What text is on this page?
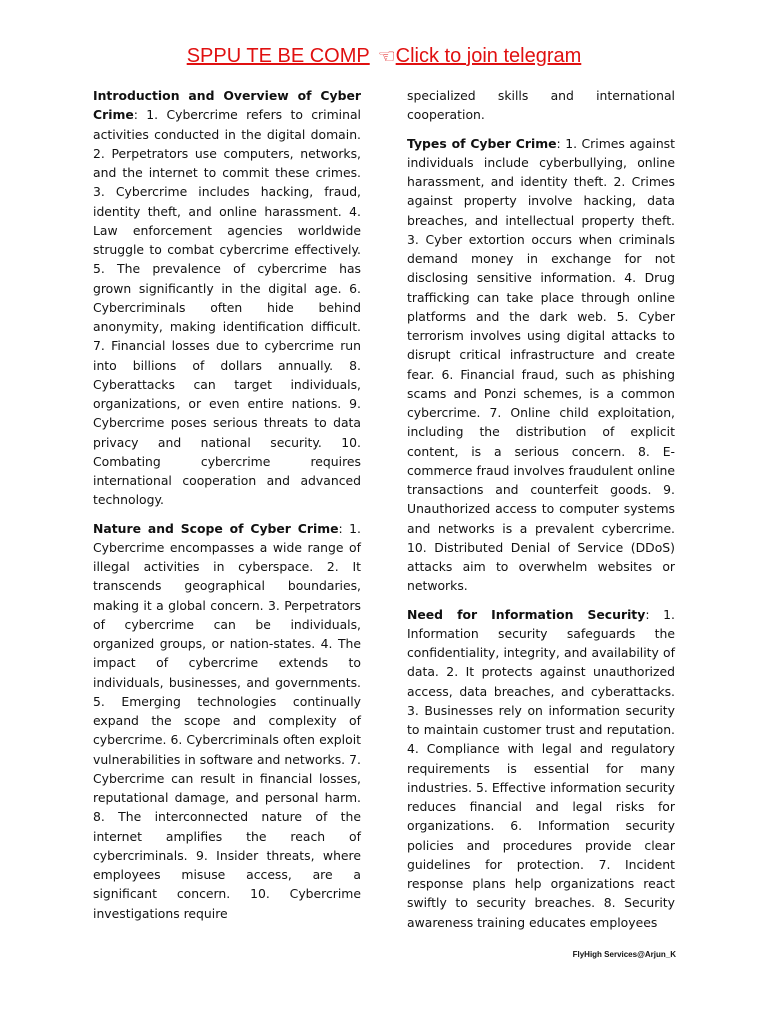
SPPU TE BE COMP ☜Click to join telegram

Introduction and Overview of Cyber Crime: 1. Cybercrime refers to criminal activities conducted in the digital domain. 2. Perpetrators use computers, networks, and the internet to commit these crimes. 3. Cybercrime includes hacking, fraud, identity theft, and online harassment. 4. Law enforcement agencies worldwide struggle to combat cybercrime effectively. 5. The prevalence of cybercrime has grown significantly in the digital age. 6. Cybercriminals often hide behind anonymity, making identification difficult. 7. Financial losses due to cybercrime run into billions of dollars annually. 8. Cyberattacks can target individuals, organizations, or even entire nations. 9. Cybercrime poses serious threats to data privacy and national security. 10. Combating cybercrime requires international cooperation and advanced technology.

Nature and Scope of Cyber Crime: 1. Cybercrime encompasses a wide range of illegal activities in cyberspace. 2. It transcends geographical boundaries, making it a global concern. 3. Perpetrators of cybercrime can be individuals, organized groups, or nation-states. 4. The impact of cybercrime extends to individuals, businesses, and governments. 5. Emerging technologies continually expand the scope and complexity of cybercrime. 6. Cybercriminals often exploit vulnerabilities in software and networks. 7. Cybercrime can result in financial losses, reputational damage, and personal harm. 8. The interconnected nature of the internet amplifies the reach of cybercriminals. 9. Insider threats, where employees misuse access, are a significant concern. 10. Cybercrime investigations require

specialized skills and international cooperation.

Types of Cyber Crime: 1. Crimes against individuals include cyberbullying, online harassment, and identity theft. 2. Crimes against property involve hacking, data breaches, and intellectual property theft. 3. Cyber extortion occurs when criminals demand money in exchange for not disclosing sensitive information. 4. Drug trafficking can take place through online platforms and the dark web. 5. Cyber terrorism involves using digital attacks to disrupt critical infrastructure and create fear. 6. Financial fraud, such as phishing scams and Ponzi schemes, is a common cybercrime. 7. Online child exploitation, including the distribution of explicit content, is a serious concern. 8. E-commerce fraud involves fraudulent online transactions and counterfeit goods. 9. Unauthorized access to computer systems and networks is a prevalent cybercrime. 10. Distributed Denial of Service (DDoS) attacks aim to overwhelm websites or networks.

Need for Information Security: 1. Information security safeguards the confidentiality, integrity, and availability of data. 2. It protects against unauthorized access, data breaches, and cyberattacks. 3. Businesses rely on information security to maintain customer trust and reputation. 4. Compliance with legal and regulatory requirements is essential for many industries. 5. Effective information security reduces financial and legal risks for organizations. 6. Information security policies and procedures provide clear guidelines for protection. 7. Incident response plans help organizations react swiftly to security breaches. 8. Security awareness training educates employees

FlyHigh Services@Arjun_K
